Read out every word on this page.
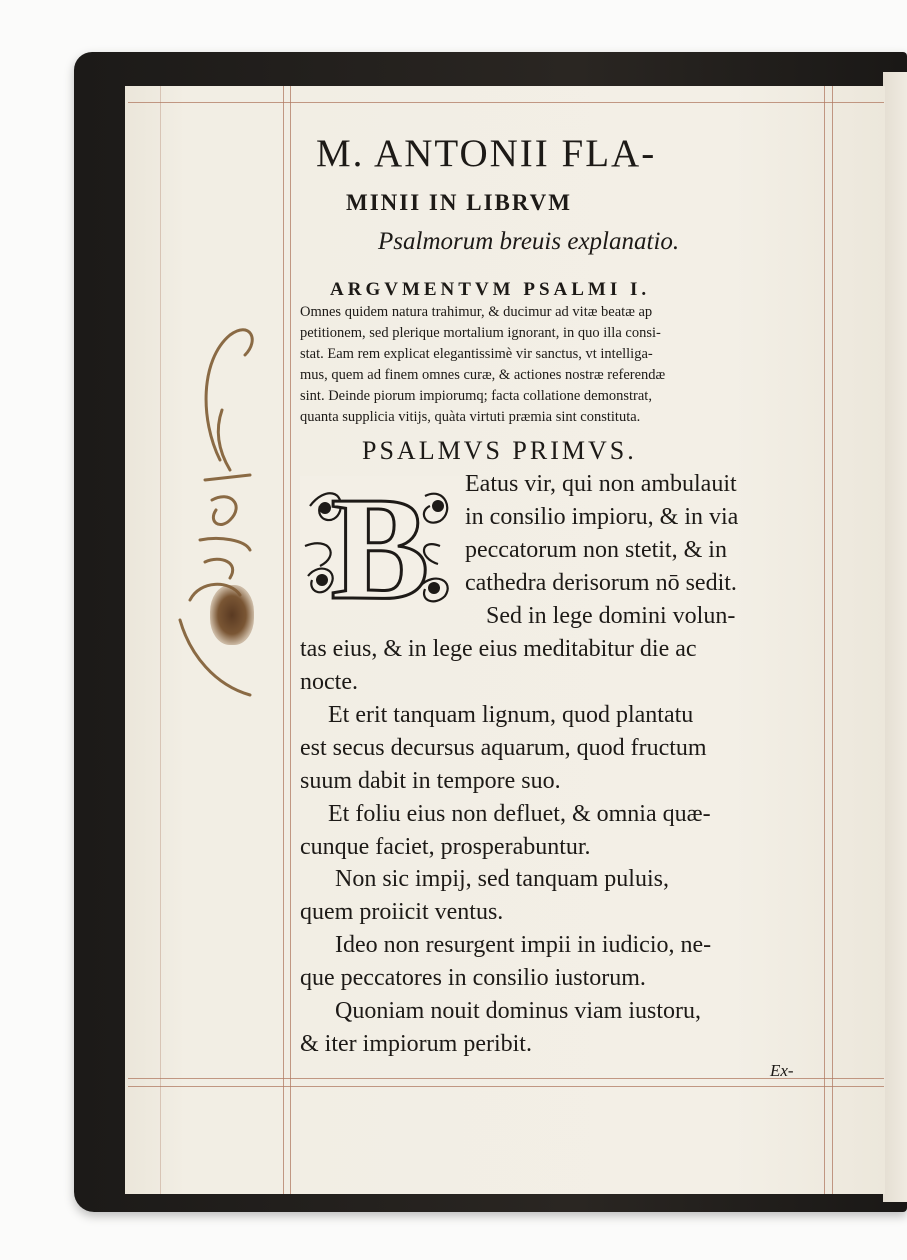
B
M. ANTONII FLA-
MINII IN LIBRVM
Psalmorum breuis explanatio.
ARGVMENTVM PSALMI I.
Omnes quidem natura trahimur, & ducimur ad vitæ beatæ ap
petitionem, sed plerique mortalium ignorant, in quo illa consi-
stat. Eam rem explicat elegantissimè vir sanctus, vt intelliga-
mus, quem ad finem omnes curæ, & actiones nostræ referendæ
sint. Deinde piorum impiorumq; facta collatione demonstrat,
quanta supplicia vitijs, quàta virtuti præmia sint constituta.
PSALMVS PRIMVS.
Eatus vir, qui non ambulauit
in consilio impioru, & in via
peccatorum non stetit, & in
cathedra derisorum nō sedit.
Sed in lege domini volun-
tas eius, & in lege eius meditabitur die ac
nocte.
Et erit tanquam lignum, quod plantatu
est secus decursus aquarum, quod fructum
suum dabit in tempore suo.
Et foliu eius non defluet, & omnia quæ-
cunque faciet, prosperabuntur.
Non sic impij, sed tanquam puluis,
quem proiicit ventus.
Ideo non resurgent impii in iudicio, ne-
que peccatores in consilio iustorum.
Quoniam nouit dominus viam iustoru,
& iter impiorum peribit.
Ex-
